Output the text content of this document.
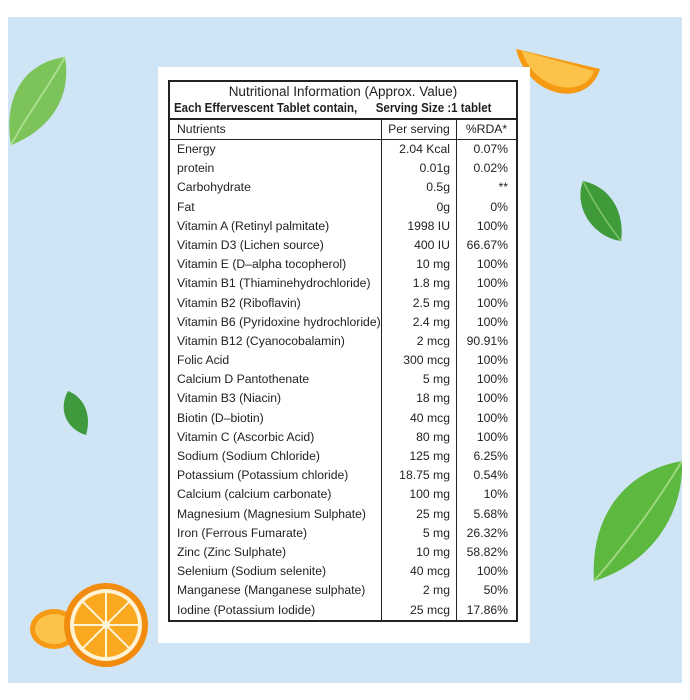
Nutritional Information (Approx. Value)
Each Effervescent Tablet contain, Serving Size :1 tablet
Nutrients	Per serving	%RDA*
Energy	2.04 Kcal	0.07%
protein	0.01g	0.02%
Carbohydrate	0.5g	**
Fat	0g	0%
Vitamin A (Retinyl palmitate)	1998 IU	100%
Vitamin D3 (Lichen source)	400 IU	66.67%
Vitamin E (D–alpha tocopherol)	10 mg	100%
Vitamin B1 (Thiaminehydrochloride)	1.8 mg	100%
Vitamin B2 (Riboflavin)	2.5 mg	100%
Vitamin B6 (Pyridoxine hydrochloride)	2.4 mg	100%
Vitamin B12 (Cyanocobalamin)	2 mcg	90.91%
Folic Acid	300 mcg	100%
Calcium D Pantothenate	5 mg	100%
Vitamin B3 (Niacin)	18 mg	100%
Biotin (D–biotin)	40 mcg	100%
Vitamin C (Ascorbic Acid)	80 mg	100%
Sodium (Sodium Chloride)	125 mg	6.25%
Potassium (Potassium chloride)	18.75 mg	0.54%
Calcium (calcium carbonate)	100 mg	10%
Magnesium (Magnesium Sulphate)	25 mg	5.68%
Iron (Ferrous Fumarate)	5 mg	26.32%
Zinc (Zinc Sulphate)	10 mg	58.82%
Selenium (Sodium selenite)	40 mcg	100%
Manganese (Manganese sulphate)	2 mg	50%
Iodine (Potassium Iodide)	25 mcg	17.86%
